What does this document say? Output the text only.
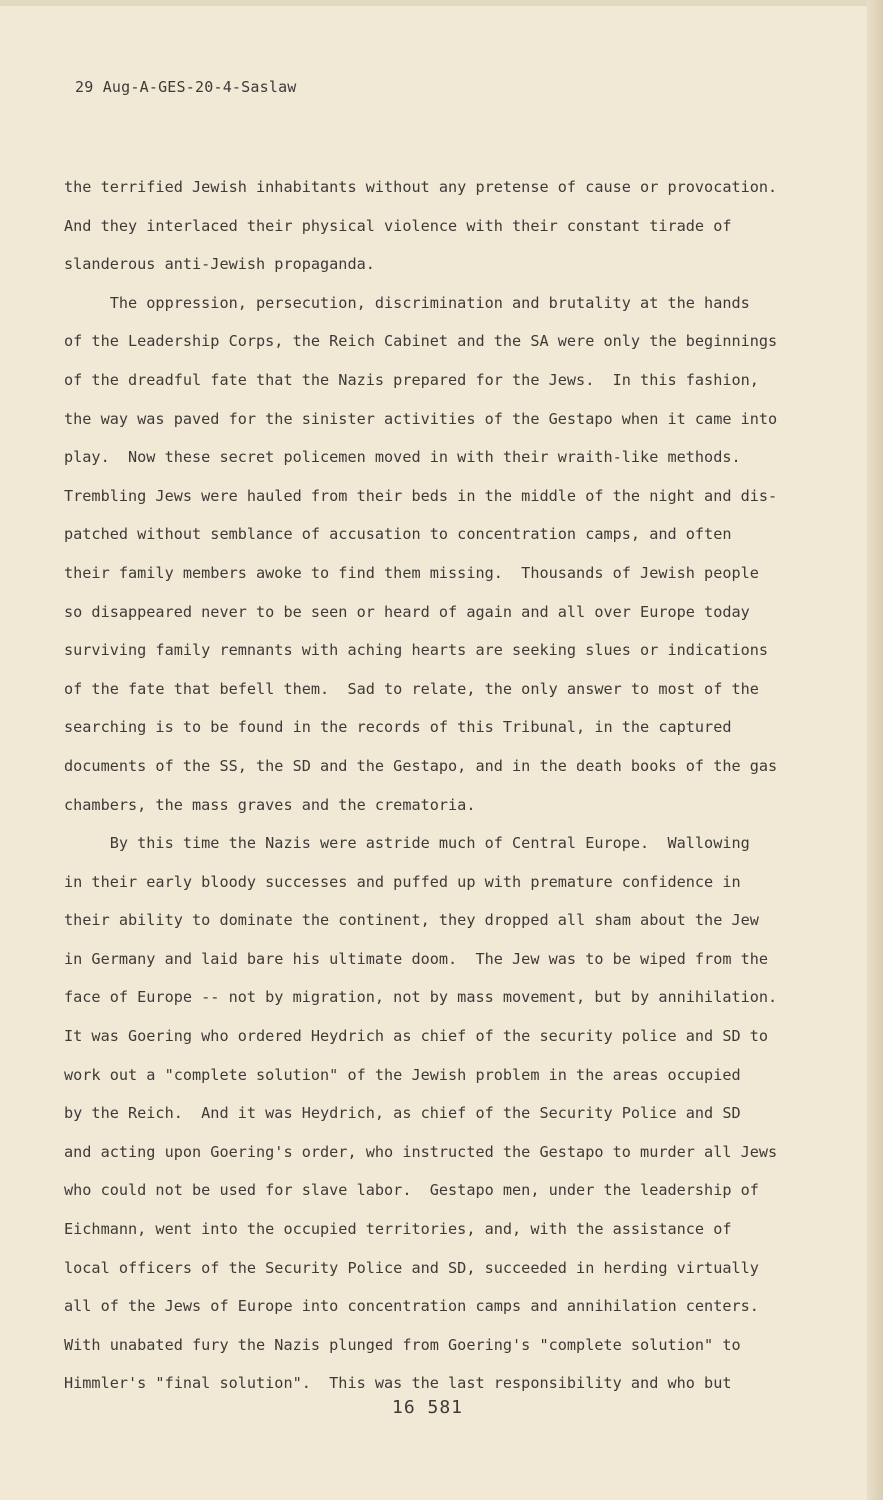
29 Aug-A-GES-20-4-Saslaw
the terrified Jewish inhabitants without any pretense of cause or provocation.
And they interlaced their physical violence with their constant tirade of
slanderous anti-Jewish propaganda.
The oppression, persecution, discrimination and brutality at the hands
of the Leadership Corps, the Reich Cabinet and the SA were only the beginnings
of the dreadful fate that the Nazis prepared for the Jews.  In this fashion,
the way was paved for the sinister activities of the Gestapo when it came into
play.  Now these secret policemen moved in with their wraith-like methods.
Trembling Jews were hauled from their beds in the middle of the night and dis-
patched without semblance of accusation to concentration camps, and often
their family members awoke to find them missing.  Thousands of Jewish people
so disappeared never to be seen or heard of again and all over Europe today
surviving family remnants with aching hearts are seeking slues or indications
of the fate that befell them.  Sad to relate, the only answer to most of the
searching is to be found in the records of this Tribunal, in the captured
documents of the SS, the SD and the Gestapo, and in the death books of the gas
chambers, the mass graves and the crematoria.
By this time the Nazis were astride much of Central Europe.  Wallowing
in their early bloody successes and puffed up with premature confidence in
their ability to dominate the continent, they dropped all sham about the Jew
in Germany and laid bare his ultimate doom.  The Jew was to be wiped from the
face of Europe -- not by migration, not by mass movement, but by annihilation.
It was Goering who ordered Heydrich as chief of the security police and SD to
work out a "complete solution" of the Jewish problem in the areas occupied
by the Reich.  And it was Heydrich, as chief of the Security Police and SD
and acting upon Goering's order, who instructed the Gestapo to murder all Jews
who could not be used for slave labor.  Gestapo men, under the leadership of
Eichmann, went into the occupied territories, and, with the assistance of
local officers of the Security Police and SD, succeeded in herding virtually
all of the Jews of Europe into concentration camps and annihilation centers.
With unabated fury the Nazis plunged from Goering's "complete solution" to
Himmler's "final solution".  This was the last responsibility and who but
16 581
